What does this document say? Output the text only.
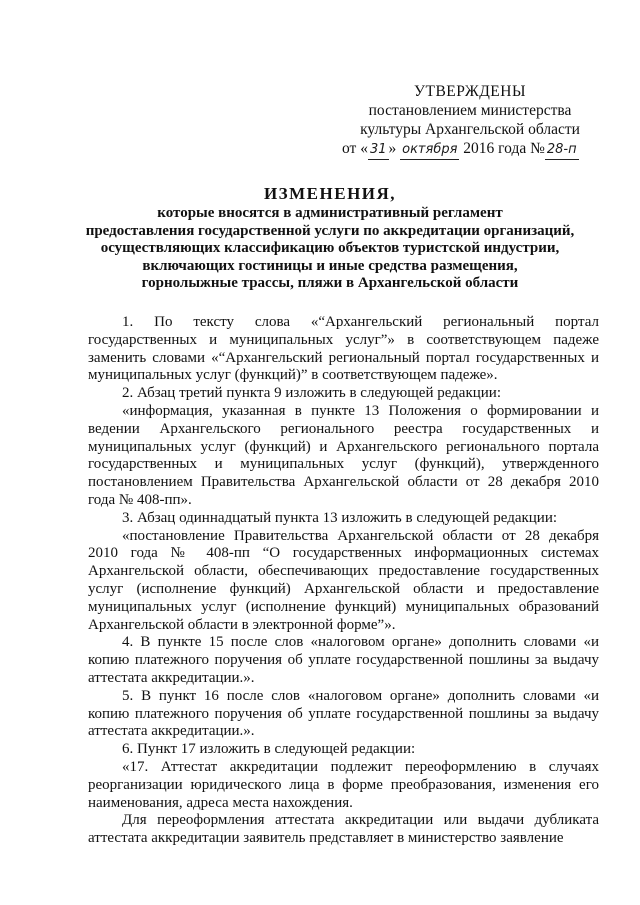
УТВЕРЖДЕНЫ
постановлением министерства
культуры Архангельской области
от « 31 » октября 2016 года № 28-п
ИЗМЕНЕНИЯ,
которые вносятся в административный регламент
предоставления государственной услуги по аккредитации организаций,
осуществляющих классификацию объектов туристской индустрии,
включающих гостиницы и иные средства размещения,
горнолыжные трассы, пляжи в Архангельской области

1. По тексту слова «“Архангельский региональный портал государственных и муниципальных услуг”» в соответствующем падеже заменить словами «“Архангельский региональный портал государственных и муниципальных услуг (функций)” в соответствующем падеже».

2. Абзац третий пункта 9 изложить в следующей редакции:

«информация, указанная в пункте 13 Положения о формировании и ведении Архангельского регионального реестра государственных и муниципальных услуг (функций) и Архангельского регионального портала государственных и муниципальных услуг (функций), утвержденного постановлением Правительства Архангельской области от 28 декабря 2010 года № 408-пп».

3. Абзац одиннадцатый пункта 13 изложить в следующей редакции:

«постановление Правительства Архангельской области от 28 декабря 2010 года № 408-пп “О государственных информационных системах Архангельской области, обеспечивающих предоставление государственных услуг (исполнение функций) Архангельской области и предоставление муниципальных услуг (исполнение функций) муниципальных образований Архангельской области в электронной форме”».

4. В пункте 15 после слов «налоговом органе» дополнить словами «и копию платежного поручения об уплате государственной пошлины за выдачу аттестата аккредитации.».

5. В пункт 16 после слов «налоговом органе» дополнить словами «и копию платежного поручения об уплате государственной пошлины за выдачу аттестата аккредитации.».

6. Пункт 17 изложить в следующей редакции:

«17. Аттестат аккредитации подлежит переоформлению в случаях реорганизации юридического лица в форме преобразования, изменения его наименования, адреса места нахождения.

Для переоформления аттестата аккредитации или выдачи дубликата аттестата аккредитации заявитель представляет в министерство заявление
